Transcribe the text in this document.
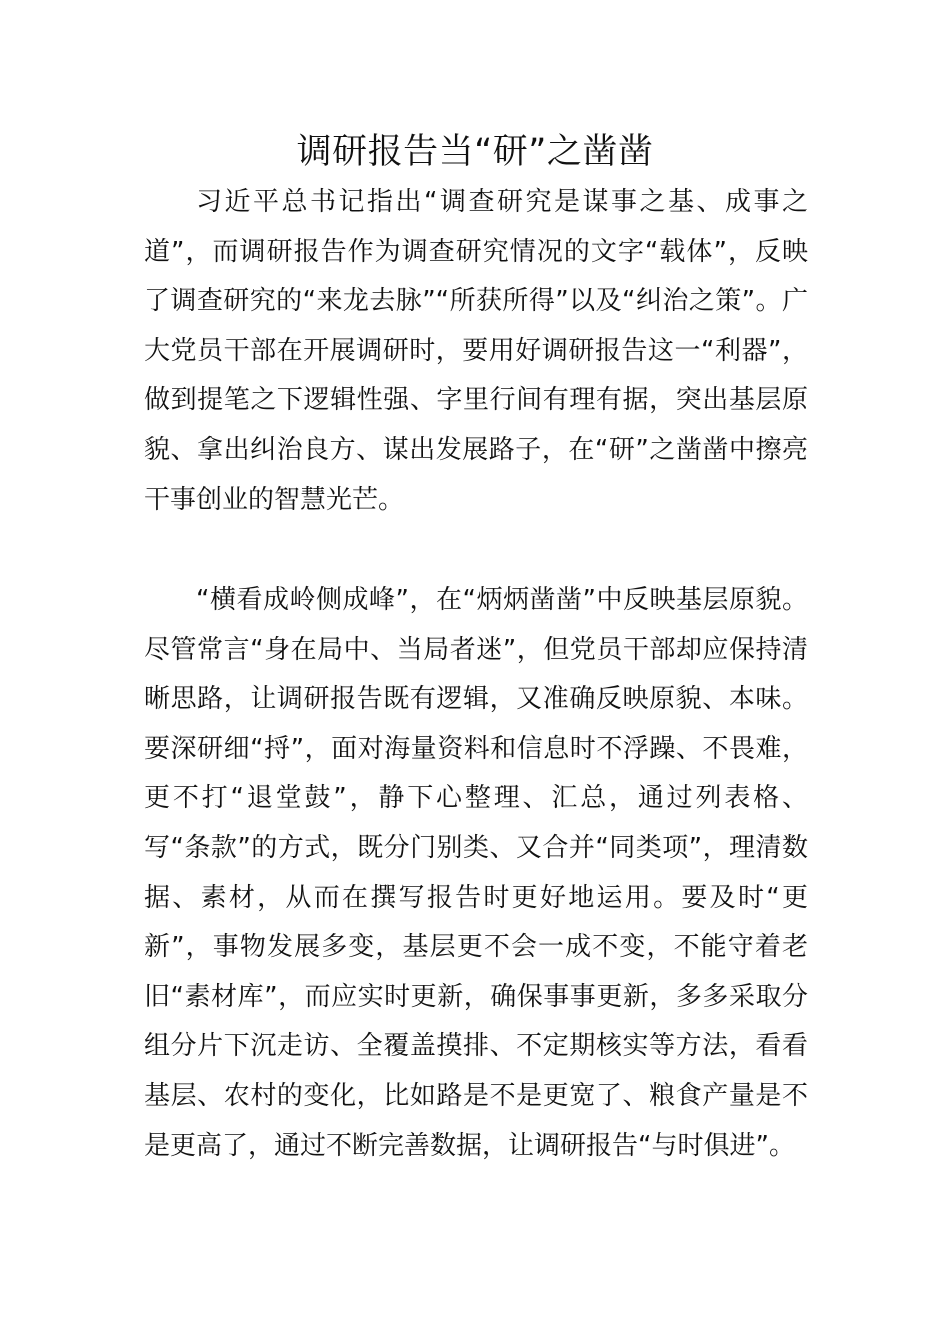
调研报告当“研”之凿凿

习近平总书记指出“调查研究是谋事之基、成事之道”，而调研报告作为调查研究情况的文字“载体”，反映了调查研究的“来龙去脉”“所获所得”以及“纠治之策”。广大党员干部在开展调研时，要用好调研报告这一“利器”，做到提笔之下逻辑性强、字里行间有理有据，突出基层原貌、拿出纠治良方、谋出发展路子，在“研”之凿凿中擦亮干事创业的智慧光芒。

“横看成岭侧成峰”，在“炳炳凿凿”中反映基层原貌。尽管常言“身在局中、当局者迷”，但党员干部却应保持清晰思路，让调研报告既有逻辑，又准确反映原貌、本味。要深研细“捋”，面对海量资料和信息时不浮躁、不畏难，更不打“退堂鼓”，静下心整理、汇总，通过列表格、写“条款”的方式，既分门别类、又合并“同类项”，理清数据、素材，从而在撰写报告时更好地运用。要及时“更新”，事物发展多变，基层更不会一成不变，不能守着老旧“素材库”，而应实时更新，确保事事更新，多多采取分组分片下沉走访、全覆盖摸排、不定期核实等方法，看看基层、农村的变化，比如路是不是更宽了、粮食产量是不是更高了，通过不断完善数据，让调研报告“与时俱进”。
